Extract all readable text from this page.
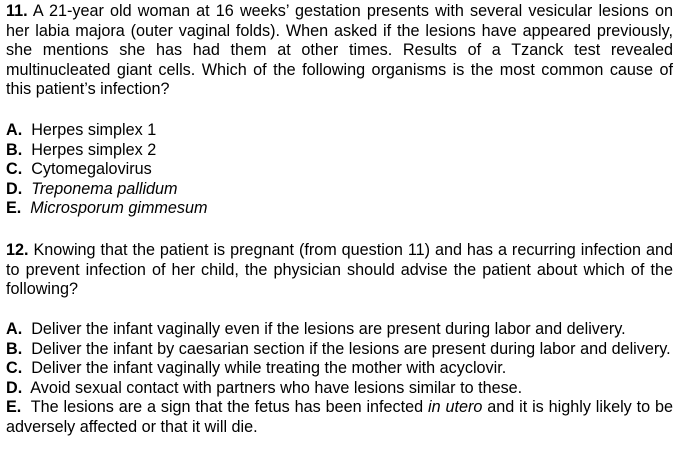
11. A 21-year old woman at 16 weeks’ gestation presents with several vesicular lesions on her labia majora (outer vaginal folds). When asked if the lesions have appeared previously, she mentions she has had them at other times. Results of a Tzanck test revealed multinucleated giant cells. Which of the following organisms is the most common cause of this patient’s infection?

A. Herpes simplex 1

B. Herpes simplex 2

C. Cytomegalovirus

D. Treponema pallidum

E. Microsporum gimmesum

12. Knowing that the patient is pregnant (from question 11) and has a recurring infection and to prevent infection of her child, the physician should advise the patient about which of the following?

A. Deliver the infant vaginally even if the lesions are present during labor and delivery.

B. Deliver the infant by caesarian section if the lesions are present during labor and delivery.

C. Deliver the infant vaginally while treating the mother with acyclovir.

D. Avoid sexual contact with partners who have lesions similar to these.

E. The lesions are a sign that the fetus has been infected in utero and it is highly likely to be adversely affected or that it will die.
